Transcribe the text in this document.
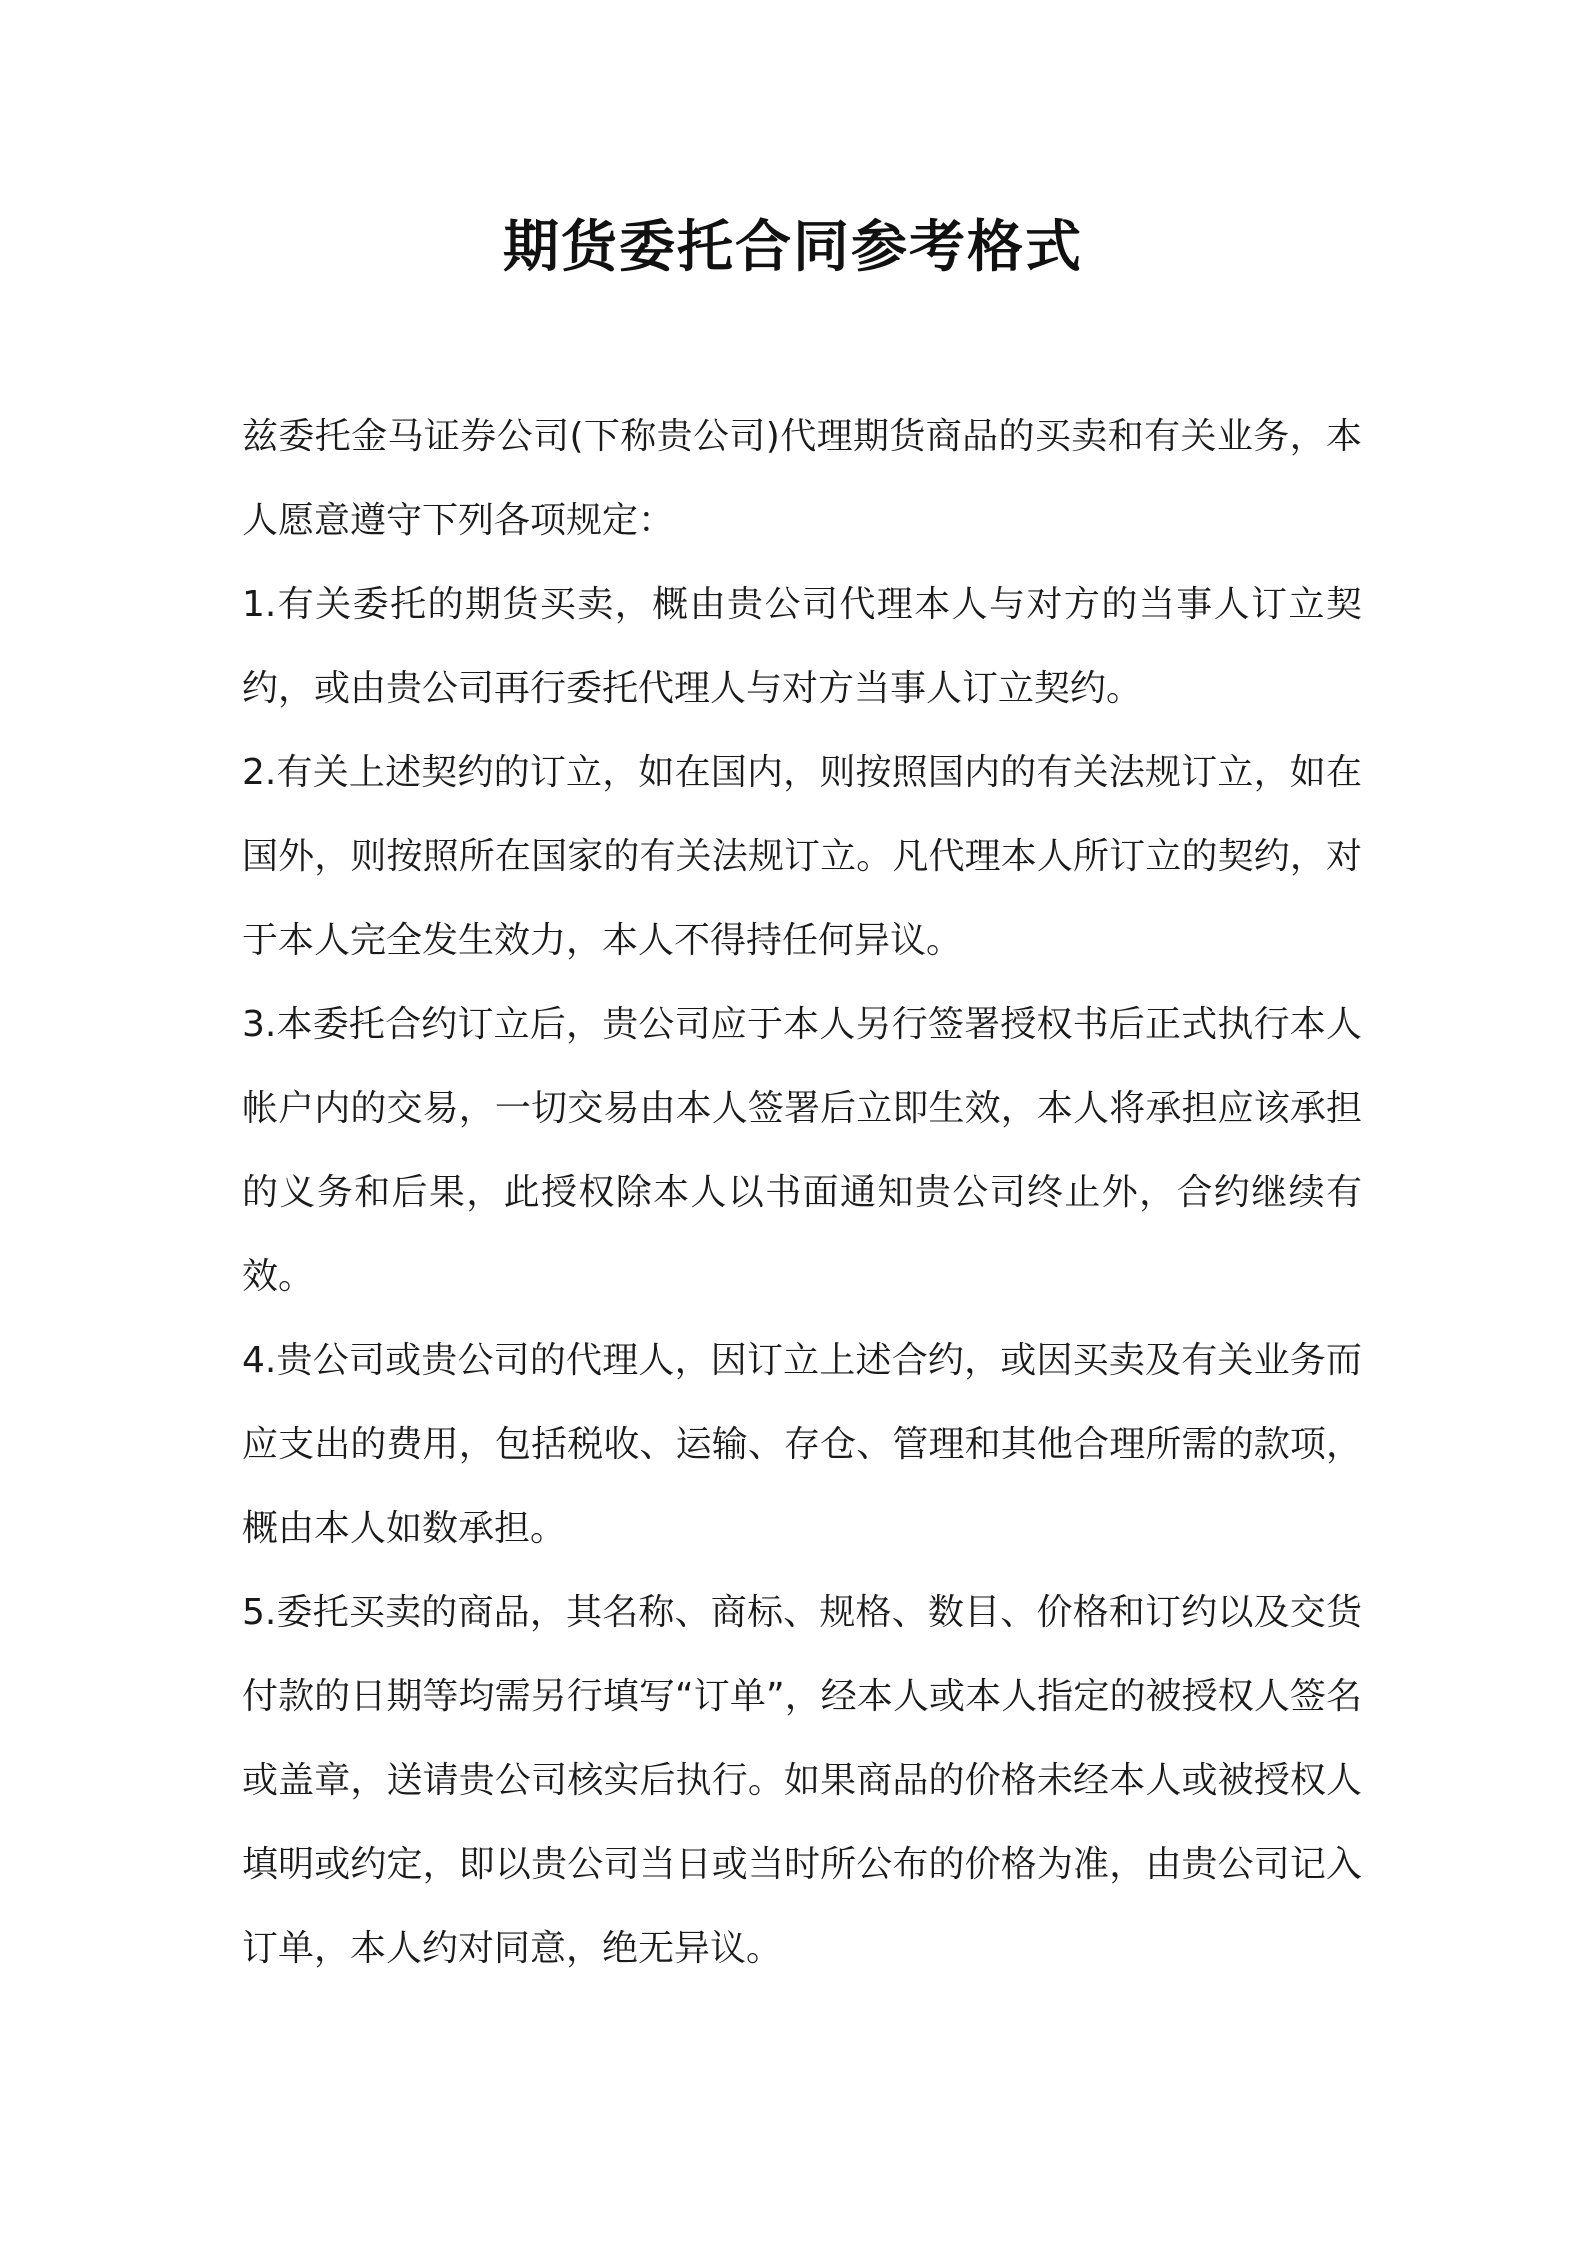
期货委托合同参考格式

兹委托金马证券公司(下称贵公司)代理期货商品的买卖和有关业务，本人愿意遵守下列各项规定：

1.有关委托的期货买卖，概由贵公司代理本人与对方的当事人订立契约，或由贵公司再行委托代理人与对方当事人订立契约。

2.有关上述契约的订立，如在国内，则按照国内的有关法规订立，如在国外，则按照所在国家的有关法规订立。凡代理本人所订立的契约，对于本人完全发生效力，本人不得持任何异议。

3.本委托合约订立后，贵公司应于本人另行签署授权书后正式执行本人帐户内的交易，一切交易由本人签署后立即生效，本人将承担应该承担的义务和后果，此授权除本人以书面通知贵公司终止外，合约继续有效。

4.贵公司或贵公司的代理人，因订立上述合约，或因买卖及有关业务而应支出的费用，包括税收、运输、存仓、管理和其他合理所需的款项，概由本人如数承担。

5.委托买卖的商品，其名称、商标、规格、数目、价格和订约以及交货付款的日期等均需另行填写“订单”，经本人或本人指定的被授权人签名或盖章，送请贵公司核实后执行。如果商品的价格未经本人或被授权人填明或约定，即以贵公司当日或当时所公布的价格为准，由贵公司记入订单，本人约对同意，绝无异议。
